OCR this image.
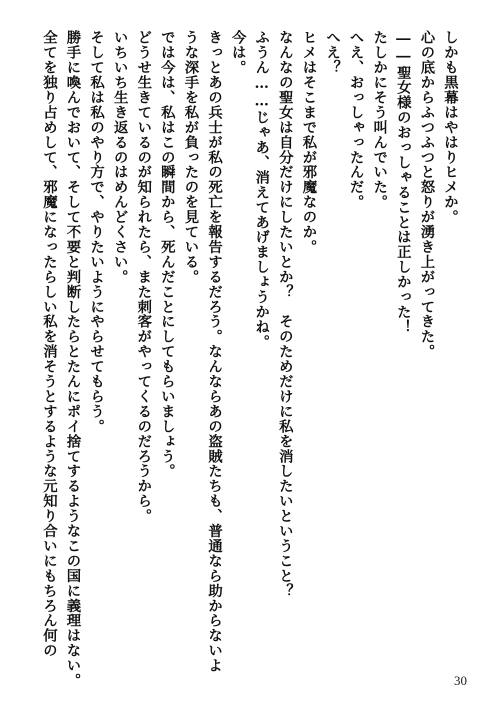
しかも黒幕はやはりヒメか。
心の底からふつふつと怒りが湧き上がってきた。
――聖女様のおっしゃることは正しかった！
たしかにそう叫んでいた。
へえ、おっしゃったんだ。
へえ？
ヒメはそこまで私が邪魔なのか。
なんなの聖女は自分だけにしたいとか？　そのためだけに私を消したいということ？
ふうん……じゃあ、消えてあげましょうかね。
今は。
きっとあの兵士が私の死亡を報告するだろう。なんならあの盗賊たちも、普通なら助からないよ
うな深手を私が負ったのを見ている。
では今は、私はこの瞬間から、死んだことにしてもらいましょう。
どうせ生きているのが知られたら、また刺客がやってくるのだろうから。
いちいち生き返るのはめんどくさい。
そして私は私のやり方で、やりたいようにやらせてもらう。
勝手に喚んでおいて、そして不要と判断したらとたんにポイ捨てするようなこの国に義理はない。
全てを独り占めして、邪魔になったらしい私を消そうとするような元知り合いにもちろん何の
30
